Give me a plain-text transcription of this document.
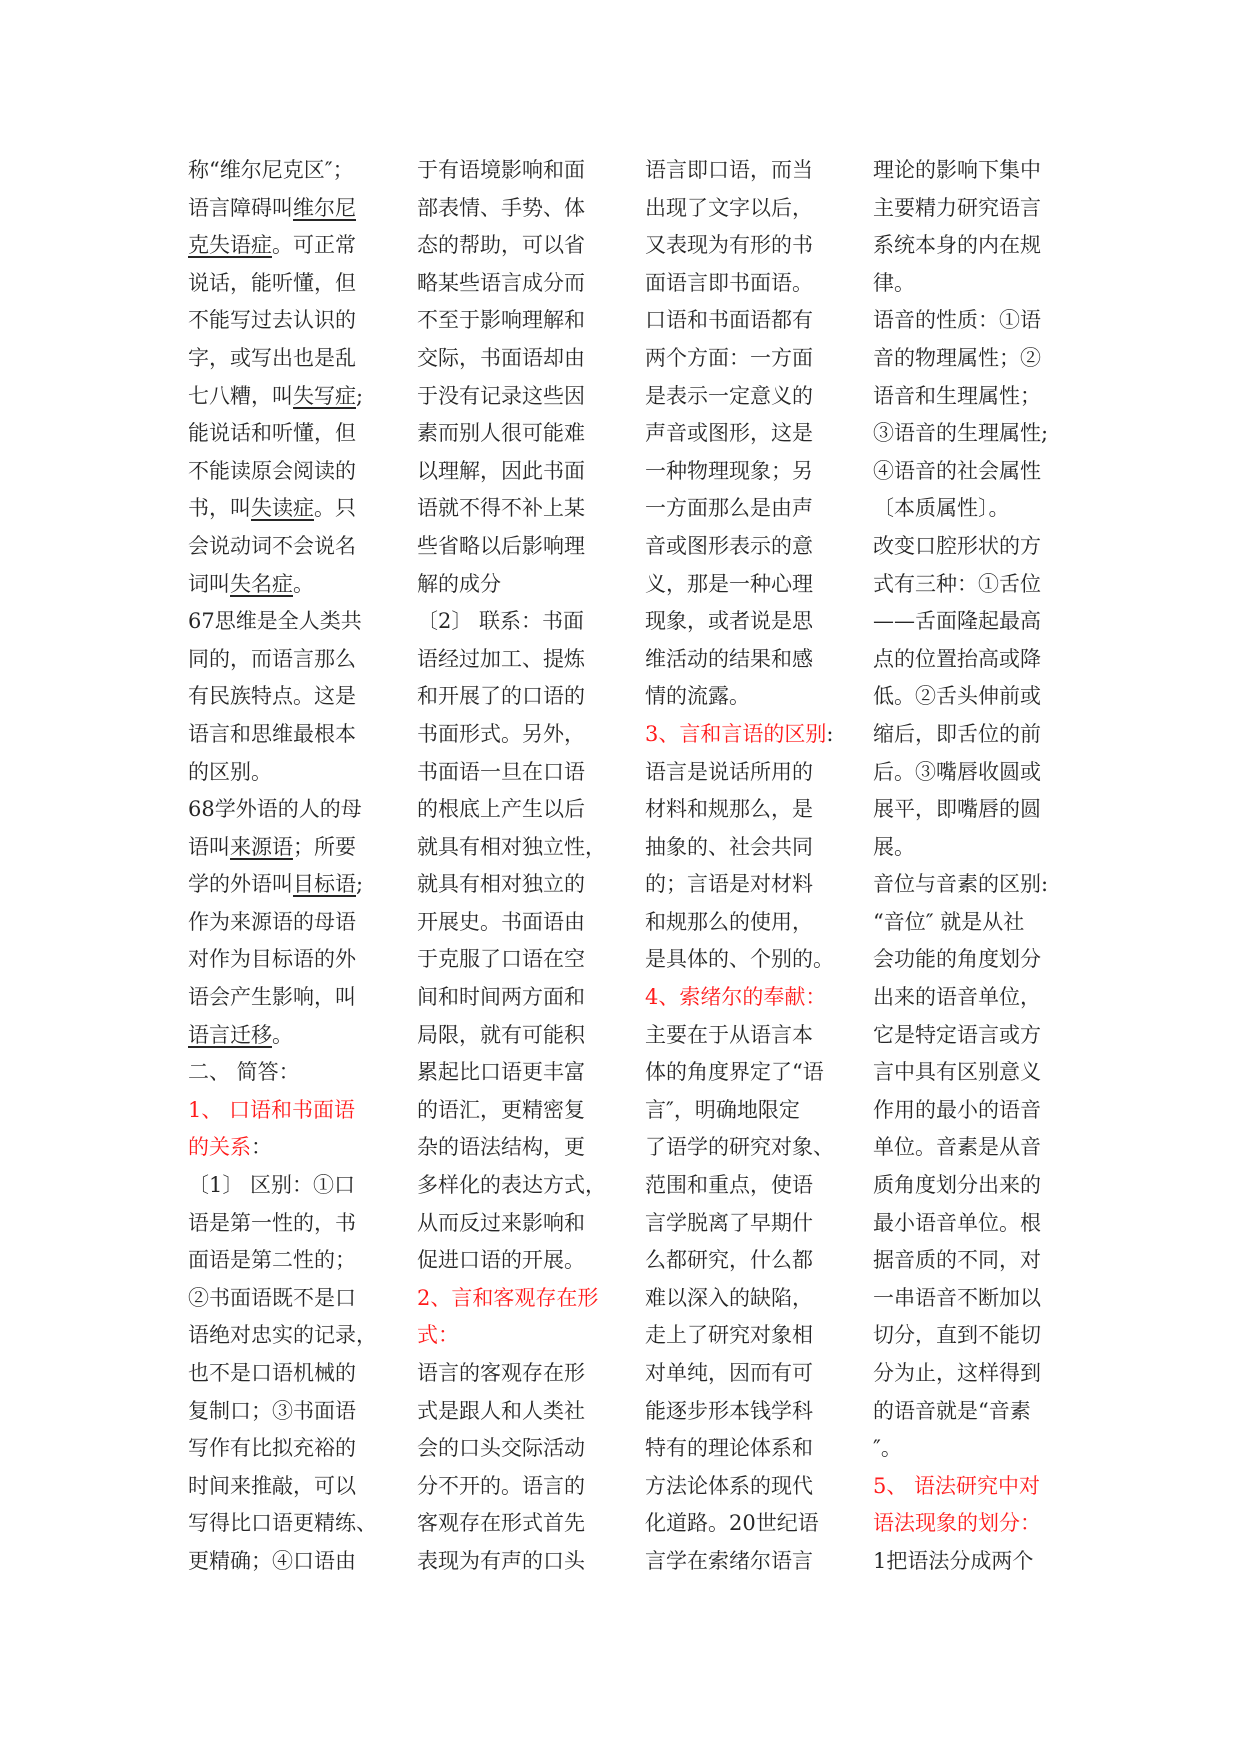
称“维尔尼克区″；
语言障碍叫维尔尼
克失语症。可正常
说话，能听懂，但
不能写过去认识的
字，或写出也是乱
七八糟，叫失写症;
能说话和听懂，但
不能读原会阅读的
书，叫失读症。只
会说动词不会说名
词叫失名症。
67思维是全人类共
同的，而语言那么
有民族特点。这是
语言和思维最根本
的区别。
68学外语的人的母
语叫来源语；所要
学的外语叫目标语;
作为来源语的母语
对作为目标语的外
语会产生影响，叫
语言迁移。
二、 简答：
1、 口语和书面语
的关系：
〔1〕 区别：①口
语是第一性的，书
面语是第二性的；
②书面语既不是口
语绝对忠实的记录，
也不是口语机械的
复制口；③书面语
写作有比拟充裕的
时间来推敲，可以
写得比口语更精练、
更精确；④口语由
于有语境影响和面
部表情、手势、体
态的帮助，可以省
略某些语言成分而
不至于影响理解和
交际，书面语却由
于没有记录这些因
素而别人很可能难
以理解，因此书面
语就不得不补上某
些省略以后影响理
解的成分
〔2〕 联系：书面
语经过加工、提炼
和开展了的口语的
书面形式。另外，
书面语一旦在口语
的根底上产生以后
就具有相对独立性，
就具有相对独立的
开展史。书面语由
于克服了口语在空
间和时间两方面和
局限，就有可能积
累起比口语更丰富
的语汇，更精密复
杂的语法结构，更
多样化的表达方式，
从而反过来影响和
促进口语的开展。
2、言和客观存在形
式：
语言的客观存在形
式是跟人和人类社
会的口头交际活动
分不开的。语言的
客观存在形式首先
表现为有声的口头
语言即口语，而当
出现了文字以后，
又表现为有形的书
面语言即书面语。
口语和书面语都有
两个方面：一方面
是表示一定意义的
声音或图形，这是
一种物理现象；另
一方面那么是由声
音或图形表示的意
义，那是一种心理
现象，或者说是思
维活动的结果和感
情的流露。
3、言和言语的区别:
语言是说话所用的
材料和规那么，是
抽象的、社会共同
的；言语是对材料
和规那么的使用，
是具体的、个别的。
4、索绪尔的奉献：
主要在于从语言本
体的角度界定了“语
言″，明确地限定
了语学的研究对象、
范围和重点，使语
言学脱离了早期什
么都研究，什么都
难以深入的缺陷，
走上了研究对象相
对单纯，因而有可
能逐步形本钱学科
特有的理论体系和
方法论体系的现代
化道路。20世纪语
言学在索绪尔语言
理论的影响下集中
主要精力研究语言
系统本身的内在规
律。
语音的性质：①语
音的物理属性；②
语音和生理属性；
③语音的生理属性;
④语音的社会属性
〔本质属性〕。
改变口腔形状的方
式有三种：①舌位
——舌面隆起最高
点的位置抬高或降
低。②舌头伸前或
缩后，即舌位的前
后。③嘴唇收圆或
展平，即嘴唇的圆
展。
音位与音素的区别:
“音位″ 就是从社
会功能的角度划分
出来的语音单位，
它是特定语言或方
言中具有区别意义
作用的最小的语音
单位。音素是从音
质角度划分出来的
最小语音单位。根
据音质的不同，对
一串语音不断加以
切分，直到不能切
分为止，这样得到
的语音就是“音素
″。
5、 语法研究中对
语法现象的划分：
1把语法分成两个
